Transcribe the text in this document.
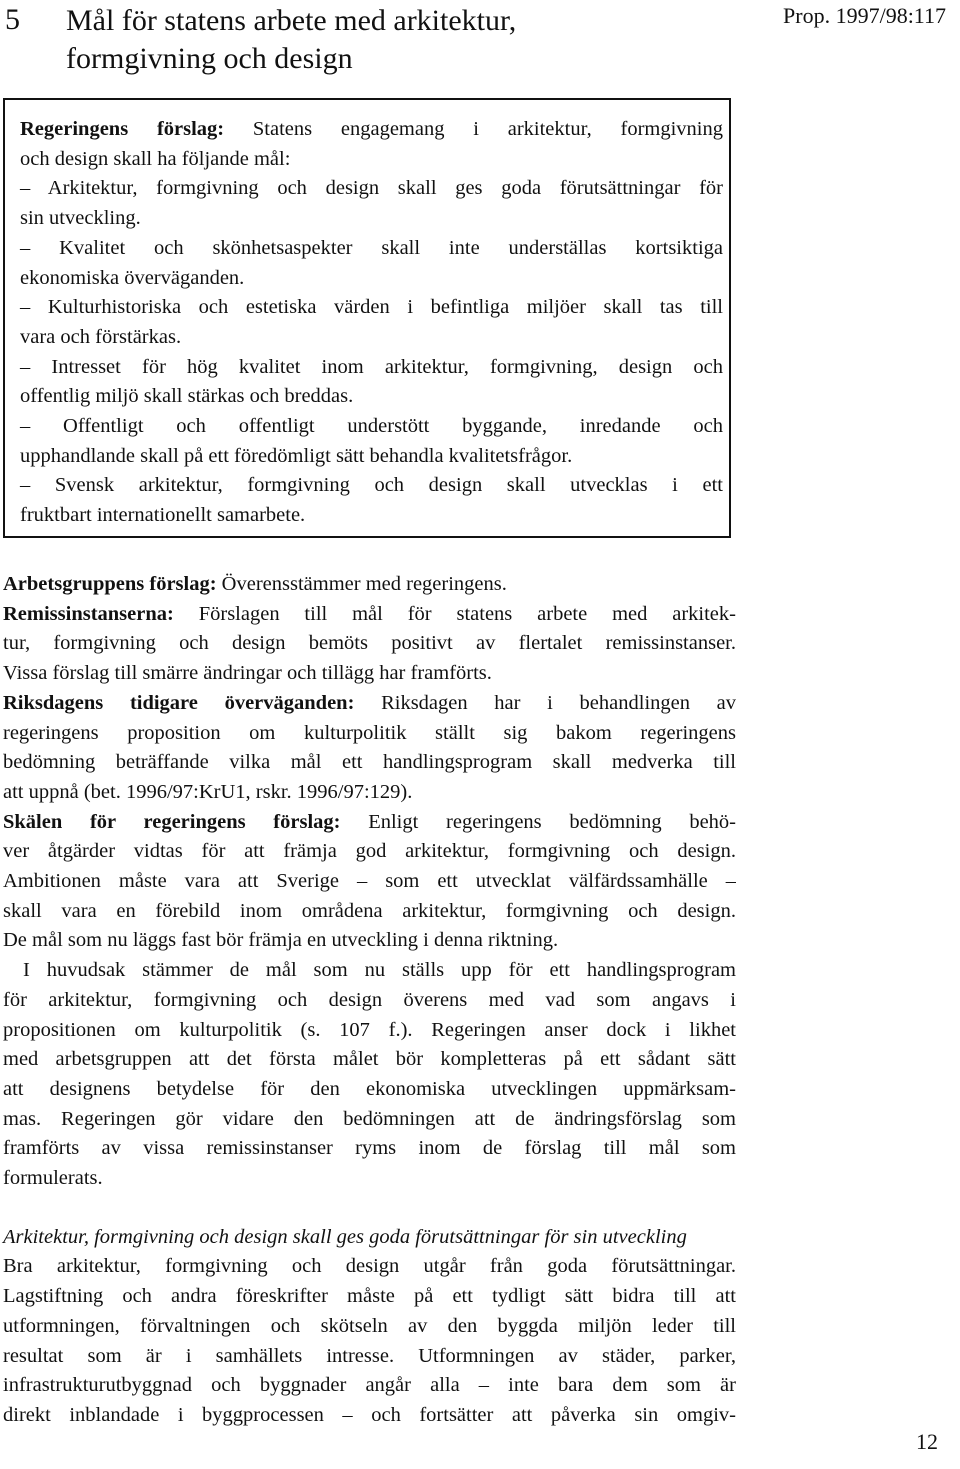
5 Mål för statens arbete med arkitektur, formgivning och design
Prop. 1997/98:117

Regeringens förslag: Statens engagemang i arkitektur, formgivning

och design skall ha följande mål:

– Arkitektur, formgivning och design skall ges goda förutsättningar för

sin utveckling.

– Kvalitet och skönhetsaspekter skall inte underställas kortsiktiga

ekonomiska överväganden.

– Kulturhistoriska och estetiska värden i befintliga miljöer skall tas till

vara och förstärkas.

– Intresset för hög kvalitet inom arkitektur, formgivning, design och

offentlig miljö skall stärkas och breddas.

– Offentligt och offentligt understött byggande, inredande och

upphandlande skall på ett föredömligt sätt behandla kvalitetsfrågor.

– Svensk arkitektur, formgivning och design skall utvecklas i ett

fruktbart internationellt samarbete.

Arbetsgruppens förslag: Överensstämmer med regeringens.

Remissinstanserna: Förslagen till mål för statens arbete med arkitek-

tur, formgivning och design bemöts positivt av flertalet remissinstanser.

Vissa förslag till smärre ändringar och tillägg har framförts.

Riksdagens tidigare överväganden: Riksdagen har i behandlingen av

regeringens proposition om kulturpolitik ställt sig bakom regeringens

bedömning beträffande vilka mål ett handlingsprogram skall medverka till

att uppnå (bet. 1996/97:KrU1, rskr. 1996/97:129).

Skälen för regeringens förslag: Enligt regeringens bedömning behö-

ver åtgärder vidtas för att främja god arkitektur, formgivning och design.

Ambitionen måste vara att Sverige – som ett utvecklat välfärdssamhälle –

skall vara en förebild inom områdena arkitektur, formgivning och design.

De mål som nu läggs fast bör främja en utveckling i denna riktning.

I huvudsak stämmer de mål som nu ställs upp för ett handlingsprogram

för arkitektur, formgivning och design överens med vad som angavs i

propositionen om kulturpolitik (s. 107 f.). Regeringen anser dock i likhet

med arbetsgruppen att det första målet bör kompletteras på ett sådant sätt

att designens betydelse för den ekonomiska utvecklingen uppmärksam-

mas. Regeringen gör vidare den bedömningen att de ändringsförslag som

framförts av vissa remissinstanser ryms inom de förslag till mål som

formulerats.

Arkitektur, formgivning och design skall ges goda förutsättningar för sin utveckling

Bra arkitektur, formgivning och design utgår från goda förutsättningar.

Lagstiftning och andra föreskrifter måste på ett tydligt sätt bidra till att

utformningen, förvaltningen och skötseln av den byggda miljön leder till

resultat som är i samhällets intresse. Utformningen av städer, parker,

infrastrukturutbyggnad och byggnader angår alla – inte bara dem som är

direkt inblandade i byggprocessen – och fortsätter att påverka sin omgiv-

12
